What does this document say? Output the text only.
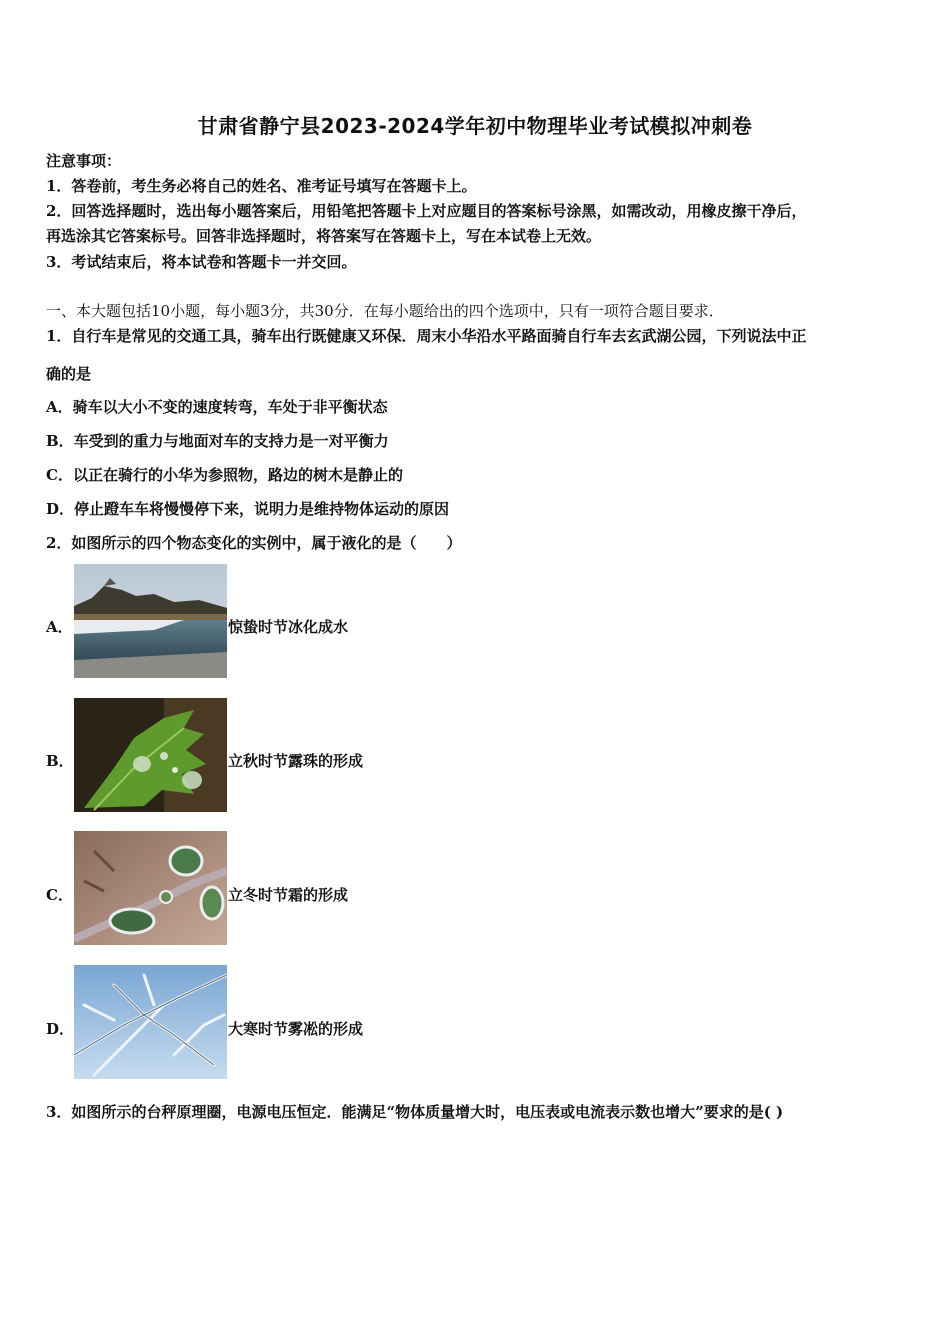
甘肃省静宁县2023-2024学年初中物理毕业考试模拟冲刺卷
注意事项：
1．答卷前，考生务必将自己的姓名、准考证号填写在答题卡上。
2．回答选择题时，选出每小题答案后，用铅笔把答题卡上对应题目的答案标号涂黑，如需改动，用橡皮擦干净后，
再选涂其它答案标号。回答非选择题时，将答案写在答题卡上，写在本试卷上无效。
3．考试结束后，将本试卷和答题卡一并交回。
一、本大题包括10小题，每小题3分，共30分．在每小题给出的四个选项中，只有一项符合题目要求．
1．自行车是常见的交通工具，骑车出行既健康又环保．周末小华沿水平路面骑自行车去玄武湖公园，下列说法中正
确的是
A．骑车以大小不变的速度转弯，车处于非平衡状态
B．车受到的重力与地面对车的支持力是一对平衡力
C．以正在骑行的小华为参照物，路边的树木是静止的
D．停止蹬车车将慢慢停下来，说明力是维持物体运动的原因
2．如图所示的四个物态变化的实例中，属于液化的是（　　）
A．	惊蛰时节冰化成水
B．	立秋时节露珠的形成
C．	立冬时节霜的形成
D．	大寒时节雾凇的形成
3．如图所示的台秤原理圈，电源电压恒定．能满足“物体质量增大时，电压表或电流表示数也增大”要求的是( )
